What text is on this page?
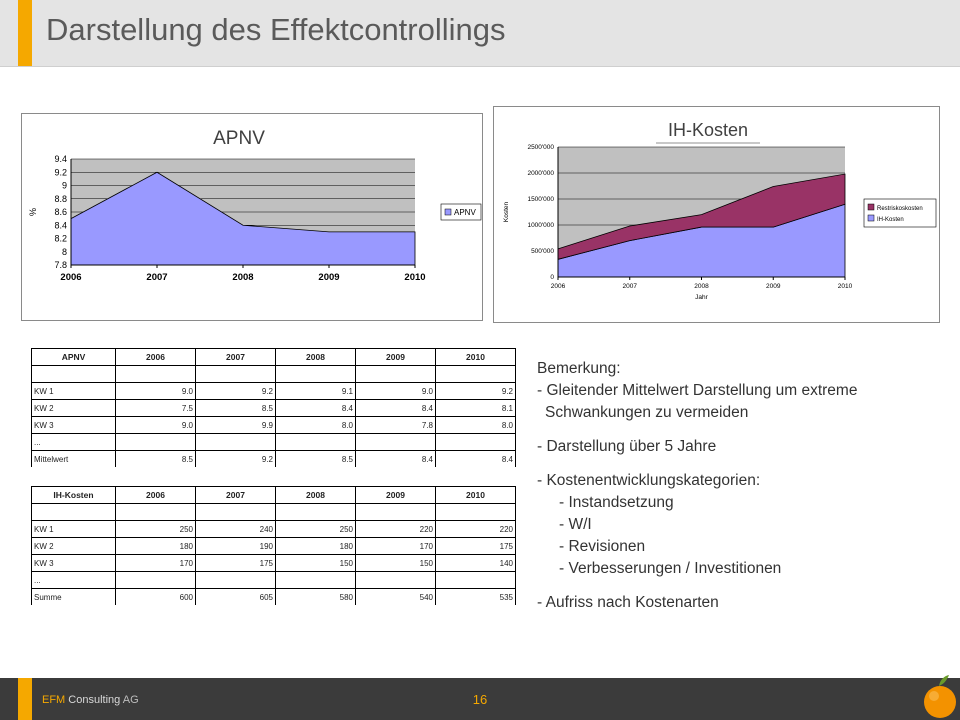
Darstellung des Effektcontrollings
APNV
7.8
8
8.2
8.4
8.6
8.8
9
9.2
9.4
2006	2007	2008	2009	2010
%	APNV
IH-Kosten
0
500'000
1000'000
1500'000
2000'000
2500'000
2006	2007	2008	2009	2010
Kosten
Jahr
Restriskoskosten
IH-Kosten
APNV	2006	2007	2008	2009	2010

KW 1	9.0	9.2	9.1	9.0	9.2
KW 2	7.5	8.5	8.4	8.4	8.1
KW 3	9.0	9.9	8.0	7.8	8.0
...					
Mittelwert	8.5	9.2	8.5	8.4	8.4
IH-Kosten	2006	2007	2008	2009	2010

KW 1	250	240	250	220	220
KW 2	180	190	180	170	175
KW 3	170	175	150	150	140
...					
Summe	600	605	580	540	535
Bemerkung:
- Gleitender Mittelwert Darstellung um extreme
Schwankungen zu vermeiden
- Darstellung über 5 Jahre
- Kostenentwicklungskategorien:
- Instandsetzung
- W/I
- Revisionen
- Verbesserungen / Investitionen
- Aufriss nach Kostenarten
EFM Consulting AG	16
